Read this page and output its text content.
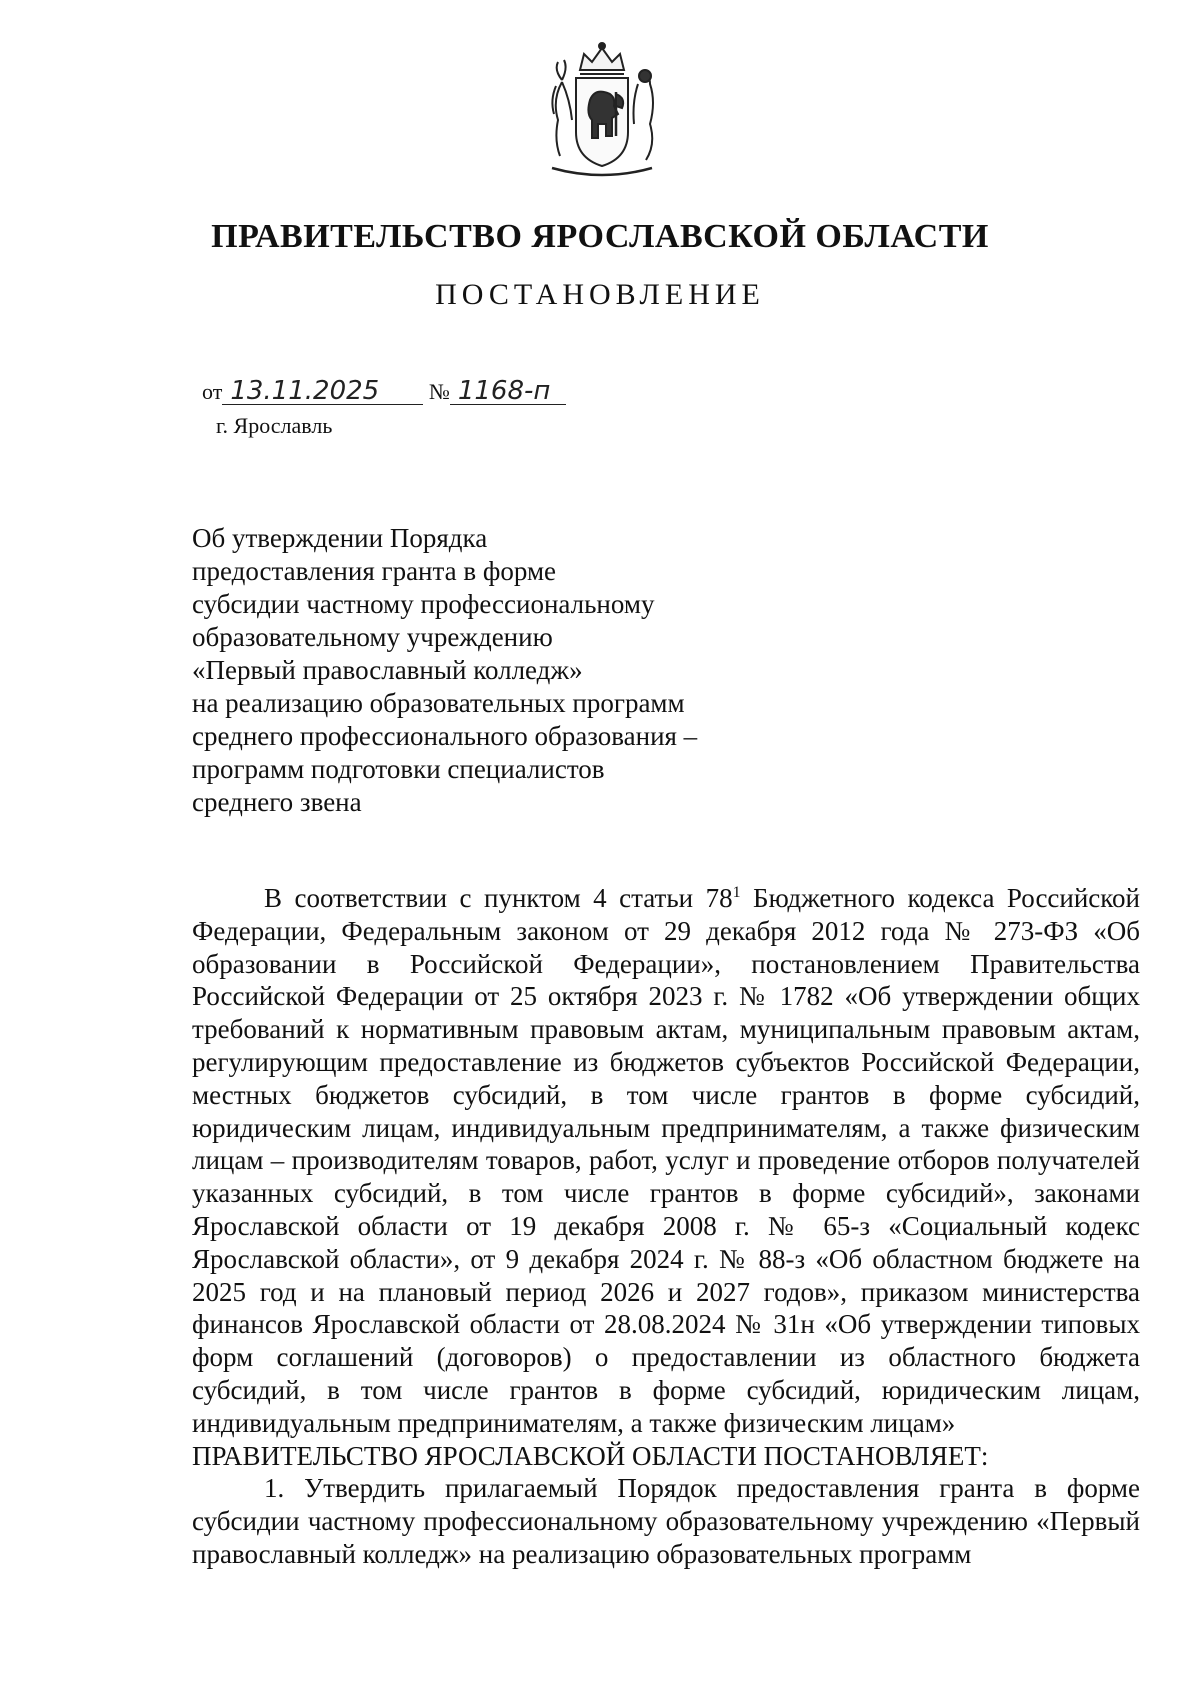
ПРАВИТЕЛЬСТВО ЯРОСЛАВСКОЙ ОБЛАСТИ
ПОСТАНОВЛЕНИЕ
от 13.11.2025 № 1168-п
г. Ярославль
Об утверждении Порядка
предоставления гранта в форме
субсидии частному профессиональному
образовательному учреждению
«Первый православный колледж»
на реализацию образовательных программ
среднего профессионального образования –
программ подготовки специалистов
среднего звена

В соответствии с пунктом 4 статьи $78^1$ Бюджетного кодекса Российской Федерации, Федеральным законом от 29 декабря 2012 года № 273-ФЗ «Об образовании в Российской Федерации», постановлением Правительства Российской Федерации от 25 октября 2023 г. № 1782 «Об утверждении общих требований к нормативным правовым актам, муниципальным правовым актам, регулирующим предоставление из бюджетов субъектов Российской Федерации, местных бюджетов субсидий, в том числе грантов в форме субсидий, юридическим лицам, индивидуальным предпринимателям, а также физическим лицам – производителям товаров, работ, услуг и проведение отборов получателей указанных субсидий, в том числе грантов в форме субсидий», законами Ярославской области от 19 декабря 2008 г. № 65-з «Социальный кодекс Ярославской области», от 9 декабря 2024 г. № 88-з «Об областном бюджете на 2025 год и на плановый период 2026 и 2027 годов», приказом министерства финансов Ярославской области от 28.08.2024 № 31н «Об утверждении типовых форм соглашений (договоров) о предоставлении из областного бюджета субсидий, в том числе грантов в форме субсидий, юридическим лицам, индивидуальным предпринимателям, а также физическим лицам»

ПРАВИТЕЛЬСТВО ЯРОСЛАВСКОЙ ОБЛАСТИ ПОСТАНОВЛЯЕТ:

1. Утвердить прилагаемый Порядок предоставления гранта в форме субсидии частному профессиональному образовательному учреждению «Первый православный колледж» на реализацию образовательных программ
